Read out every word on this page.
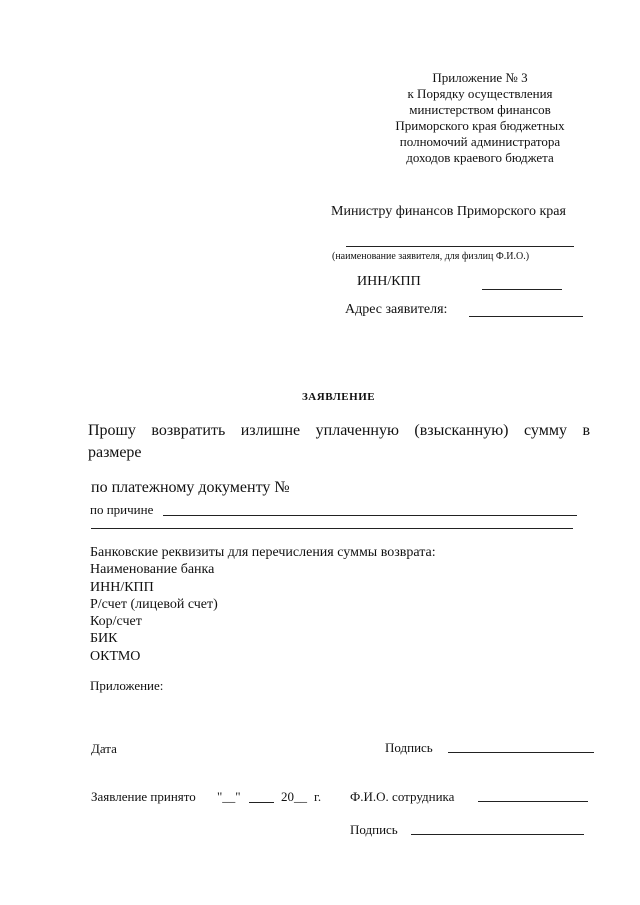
Приложение № 3
к Порядку осуществления
министерством финансов
Приморского края бюджетных
полномочий администратора
доходов краевого бюджета
Министру финансов Приморского края
(наименование заявителя, для физлиц Ф.И.О.)
ИНН/КПП
Адрес заявителя:
ЗАЯВЛЕНИЕ
Прошу возвратить излишне уплаченную (взысканную) сумму в
размере
по платежному документу №
по причине
Банковские реквизиты для перечисления суммы возврата:
Наименование банка
ИНН/КПП
Р/счет (лицевой счет)
Кор/счет
БИК
ОКТМО
Приложение:
Дата	Подпись
Заявление принято "__"	20__ г. Ф.И.О. сотрудника
Подпись
